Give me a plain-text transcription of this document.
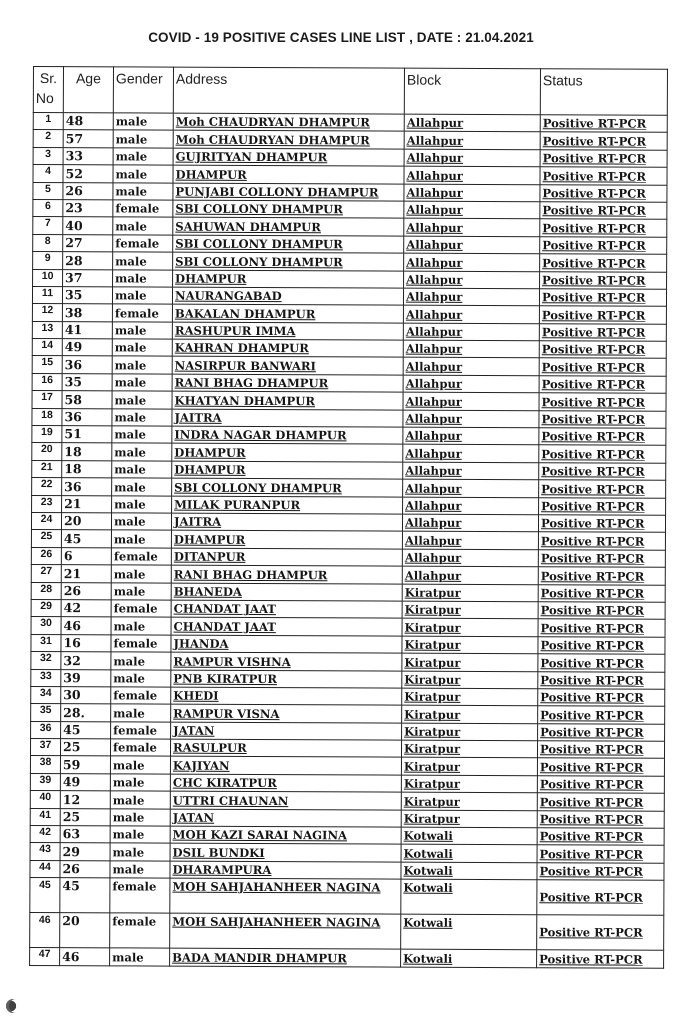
COVID - 19 POSITIVE CASES LINE LIST , DATE : 21.04.2021
Sr.
No	Age	Gender	Address	Block	Status
1	48	male	Moh CHAUDRYAN DHAMPUR	Allahpur	Positive RT-PCR
2	57	male	Moh CHAUDRYAN DHAMPUR	Allahpur	Positive RT-PCR
3	33	male	GUJRITYAN DHAMPUR	Allahpur	Positive RT-PCR
4	52	male	DHAMPUR	Allahpur	Positive RT-PCR
5	26	male	PUNJABI COLLONY DHAMPUR	Allahpur	Positive RT-PCR
6	23	female	SBI COLLONY DHAMPUR	Allahpur	Positive RT-PCR
7	40	male	SAHUWAN DHAMPUR	Allahpur	Positive RT-PCR
8	27	female	SBI COLLONY DHAMPUR	Allahpur	Positive RT-PCR
9	28	male	SBI COLLONY DHAMPUR	Allahpur	Positive RT-PCR
10	37	male	DHAMPUR	Allahpur	Positive RT-PCR
11	35	male	NAURANGABAD	Allahpur	Positive RT-PCR
12	38	female	BAKALAN DHAMPUR	Allahpur	Positive RT-PCR
13	41	male	RASHUPUR IMMA	Allahpur	Positive RT-PCR
14	49	male	KAHRAN DHAMPUR	Allahpur	Positive RT-PCR
15	36	male	NASIRPUR BANWARI	Allahpur	Positive RT-PCR
16	35	male	RANI BHAG DHAMPUR	Allahpur	Positive RT-PCR
17	58	male	KHATYAN DHAMPUR	Allahpur	Positive RT-PCR
18	36	male	JAITRA	Allahpur	Positive RT-PCR
19	51	male	INDRA NAGAR DHAMPUR	Allahpur	Positive RT-PCR
20	18	male	DHAMPUR	Allahpur	Positive RT-PCR
21	18	male	DHAMPUR	Allahpur	Positive RT-PCR
22	36	male	SBI COLLONY DHAMPUR	Allahpur	Positive RT-PCR
23	21	male	MILAK PURANPUR	Allahpur	Positive RT-PCR
24	20	male	JAITRA	Allahpur	Positive RT-PCR
25	45	male	DHAMPUR	Allahpur	Positive RT-PCR
26	6	female	DITANPUR	Allahpur	Positive RT-PCR
27	21	male	RANI BHAG DHAMPUR	Allahpur	Positive RT-PCR
28	26	male	BHANEDA	Kiratpur	Positive RT-PCR
29	42	female	CHANDAT JAAT	Kiratpur	Positive RT-PCR
30	46	male	CHANDAT JAAT	Kiratpur	Positive RT-PCR
31	16	female	JHANDA	Kiratpur	Positive RT-PCR
32	32	male	RAMPUR VISHNA	Kiratpur	Positive RT-PCR
33	39	male	PNB KIRATPUR	Kiratpur	Positive RT-PCR
34	30	female	KHEDI	Kiratpur	Positive RT-PCR
35	28.	male	RAMPUR VISNA	Kiratpur	Positive RT-PCR
36	45	female	JATAN	Kiratpur	Positive RT-PCR
37	25	female	RASULPUR	Kiratpur	Positive RT-PCR
38	59	male	KAJIYAN	Kiratpur	Positive RT-PCR
39	49	male	CHC KIRATPUR	Kiratpur	Positive RT-PCR
40	12	male	UTTRI CHAUNAN	Kiratpur	Positive RT-PCR
41	25	male	JATAN	Kiratpur	Positive RT-PCR
42	63	male	MOH KAZI SARAI NAGINA	Kotwali	Positive RT-PCR
43	29	male	DSIL BUNDKI	Kotwali	Positive RT-PCR
44	26	male	DHARAMPURA	Kotwali	Positive RT-PCR
45	45	female	MOH SAHJAHANHEER NAGINA	Kotwali	Positive RT-PCR
46	20	female	MOH SAHJAHANHEER NAGINA	Kotwali	Positive RT-PCR
47	46	male	BADA MANDIR DHAMPUR	Kotwali	Positive RT-PCR
